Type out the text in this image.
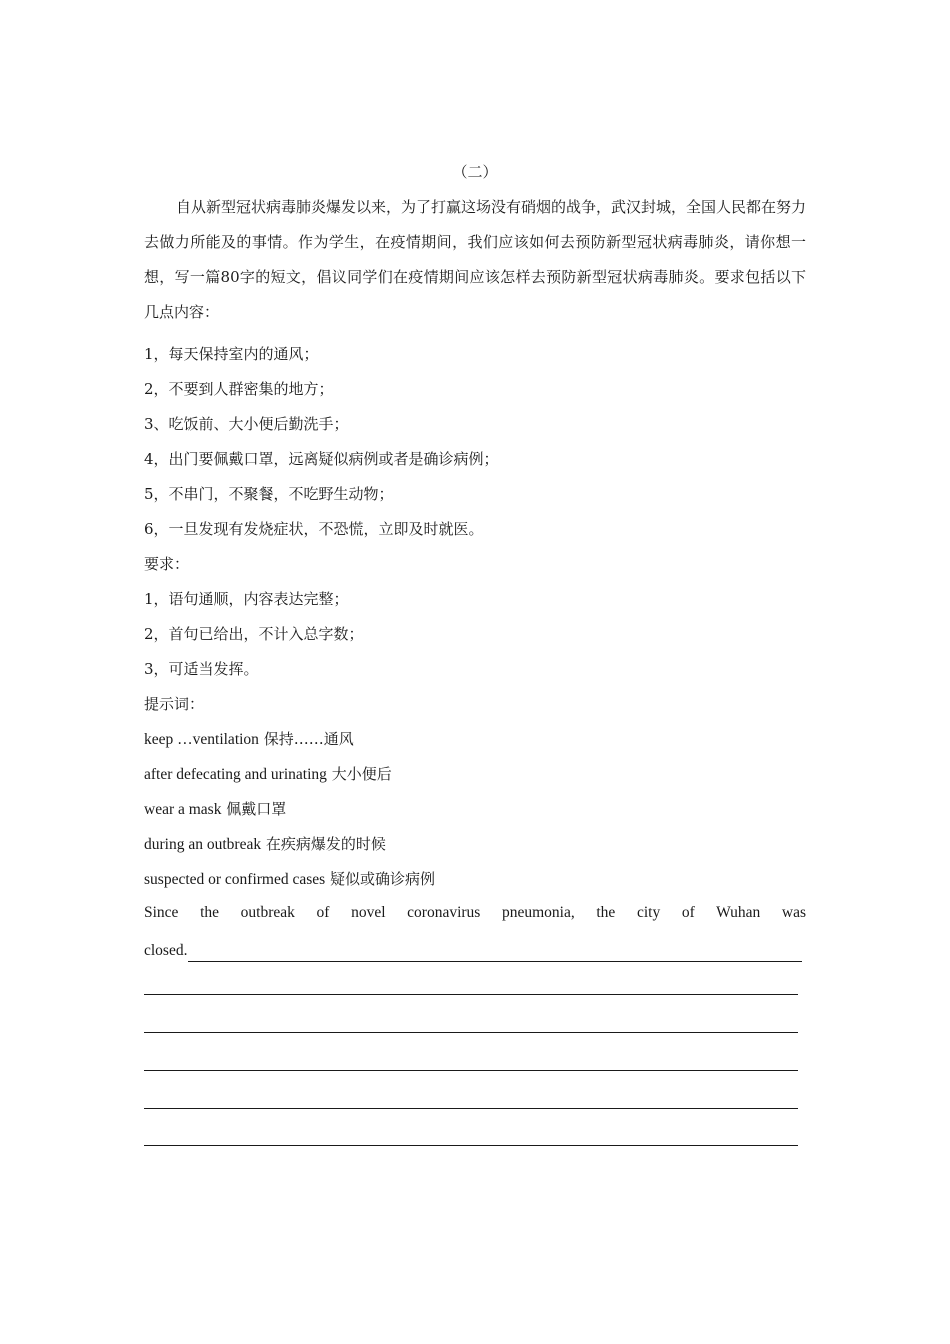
（二）
自从新型冠状病毒肺炎爆发以来，为了打赢这场没有硝烟的战争，武汉封城，全国人民都在努力去做力所能及的事情。作为学生，在疫情期间，我们应该如何去预防新型冠状病毒肺炎，请你想一想，写一篇80字的短文，倡议同学们在疫情期间应该怎样去预防新型冠状病毒肺炎。要求包括以下几点内容：
1，每天保持室内的通风；
2，不要到人群密集的地方；
3、吃饭前、大小便后勤洗手；
4，出门要佩戴口罩，远离疑似病例或者是确诊病例；
5，不串门，不聚餐，不吃野生动物；
6，一旦发现有发烧症状，不恐慌，立即及时就医。
要求：
1，语句通顺，内容表达完整；
2，首句已给出，不计入总字数；
3，可适当发挥。
提示词：
keep …ventilation 保持……通风
after defecating and urinating 大小便后
wear a mask 佩戴口罩
during an outbreak 在疾病爆发的时候
suspected or confirmed cases 疑似或确诊病例
Since the outbreak of novel coronavirus pneumonia, the city of Wuhan was
closed.
